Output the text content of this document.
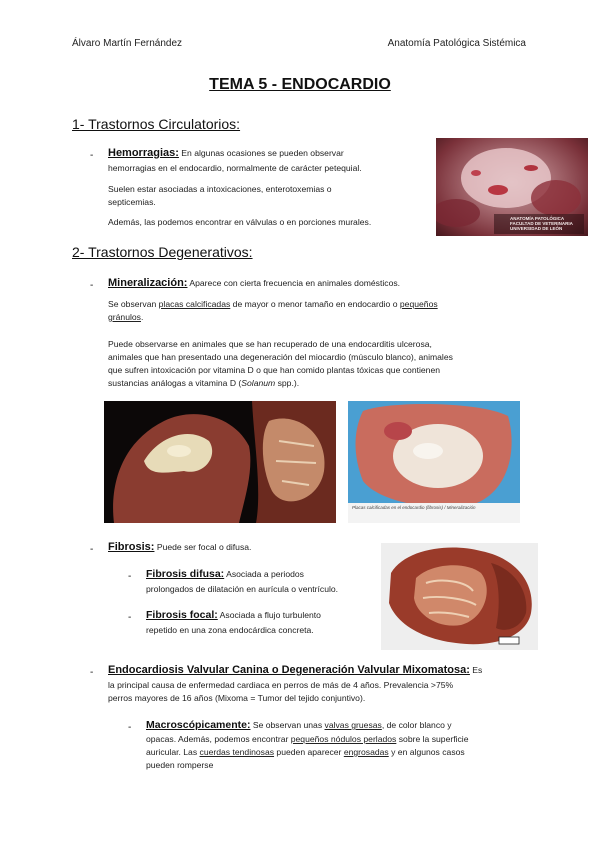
Álvaro Martín Fernández	Anatomía Patológica Sistémica
TEMA 5 - ENDOCARDIO
1- Trastornos Circulatorios:
- Hemorragias: En algunas ocasiones se pueden observar
hemorragias en el endocardio, normalmente de carácter petequial.
Suelen estar asociadas a intoxicaciones, enterotoxemias o
septicemias.
Además, las podemos encontrar en válvulas o en porciones murales.	ANATOMÍA PATOLÓGICA FACULTAD DE VETERINARIA UNIVERSIDAD DE LEÓN
2- Trastornos Degenerativos:
- Mineralización: Aparece con cierta frecuencia en animales domésticos.
Se observan placas calcificadas de mayor o menor tamaño en endocardio o pequeños
gránulos.
Puede observarse en animales que se han recuperado de una endocarditis ulcerosa,
animales que han presentado una degeneración del miocardio (músculo blanco), animales
que sufren intoxicación por vitamina D o que han comido plantas tóxicas que contienen
sustancias análogas a vitamina D (Solanum spp.).
Placas calcificadas en el endocardio (fibrosis) / Mineralización
- Fibrosis: Puede ser focal o difusa.
- Fibrosis difusa: Asociada a periodos
prolongados de dilatación en aurícula o ventrículo.
- Fibrosis focal: Asociada a flujo turbulento
repetido en una zona endocárdica concreta.
- Endocardiosis Valvular Canina o Degeneración Valvular Mixomatosa: Es
la principal causa de enfermedad cardiaca en perros de más de 4 años. Prevalencia >75%
perros mayores de 16 años (Mixoma = Tumor del tejido conjuntivo).
- Macroscópicamente: Se observan unas valvas gruesas, de color blanco y
opacas. Además, podemos encontrar pequeños nódulos perlados sobre la superficie
auricular. Las cuerdas tendinosas pueden aparecer engrosadas y en algunos casos
pueden romperse
